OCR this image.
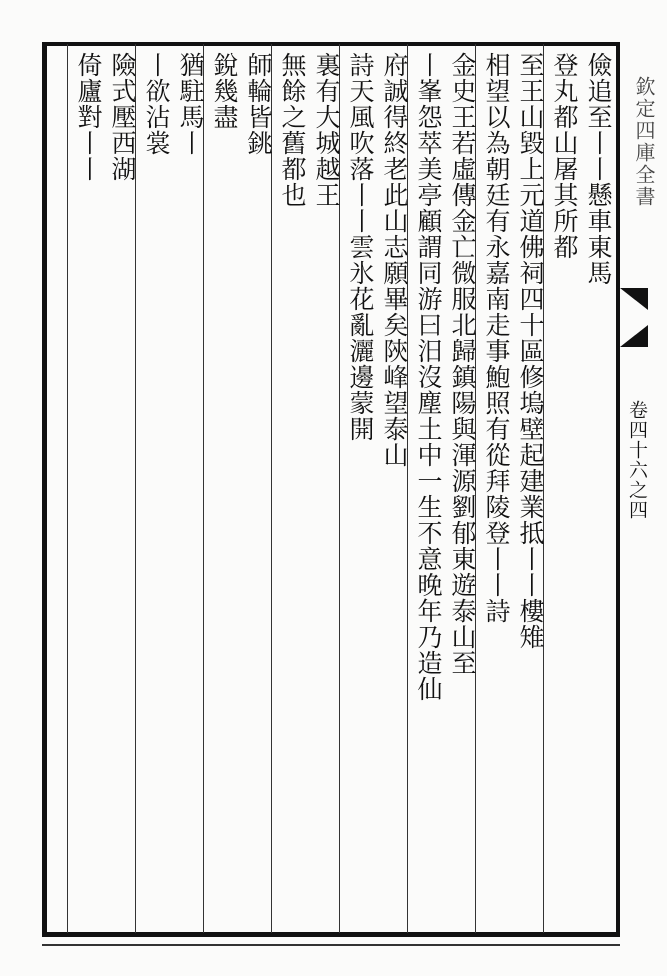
欽定四庫全書
卷四十六之四
儉追至丨丨懸車東馬
登丸都山屠其所都
至王山毀上元道佛祠四十區修塢壁起建業抵丨丨樓雉
相望以為朝廷有永嘉南走事鮑照有從拜陵登丨丨詩
金史王若虛傳金亡微服北歸鎮陽與渾源劉郁東遊泰山至
丨峯怨萃美亭顧謂同游曰汨沒塵土中一生不意晚年乃造仙
府誠得終老此山志願畢矣陝峰望泰山
詩天風吹落丨丨雲氷花亂灑邊蒙開
裏有大城越王
無餘之舊都也
師輪皆銚
銳幾盡
猶駐馬丨
丨欲沾裳
險式壓西湖
倚廬對丨丨
